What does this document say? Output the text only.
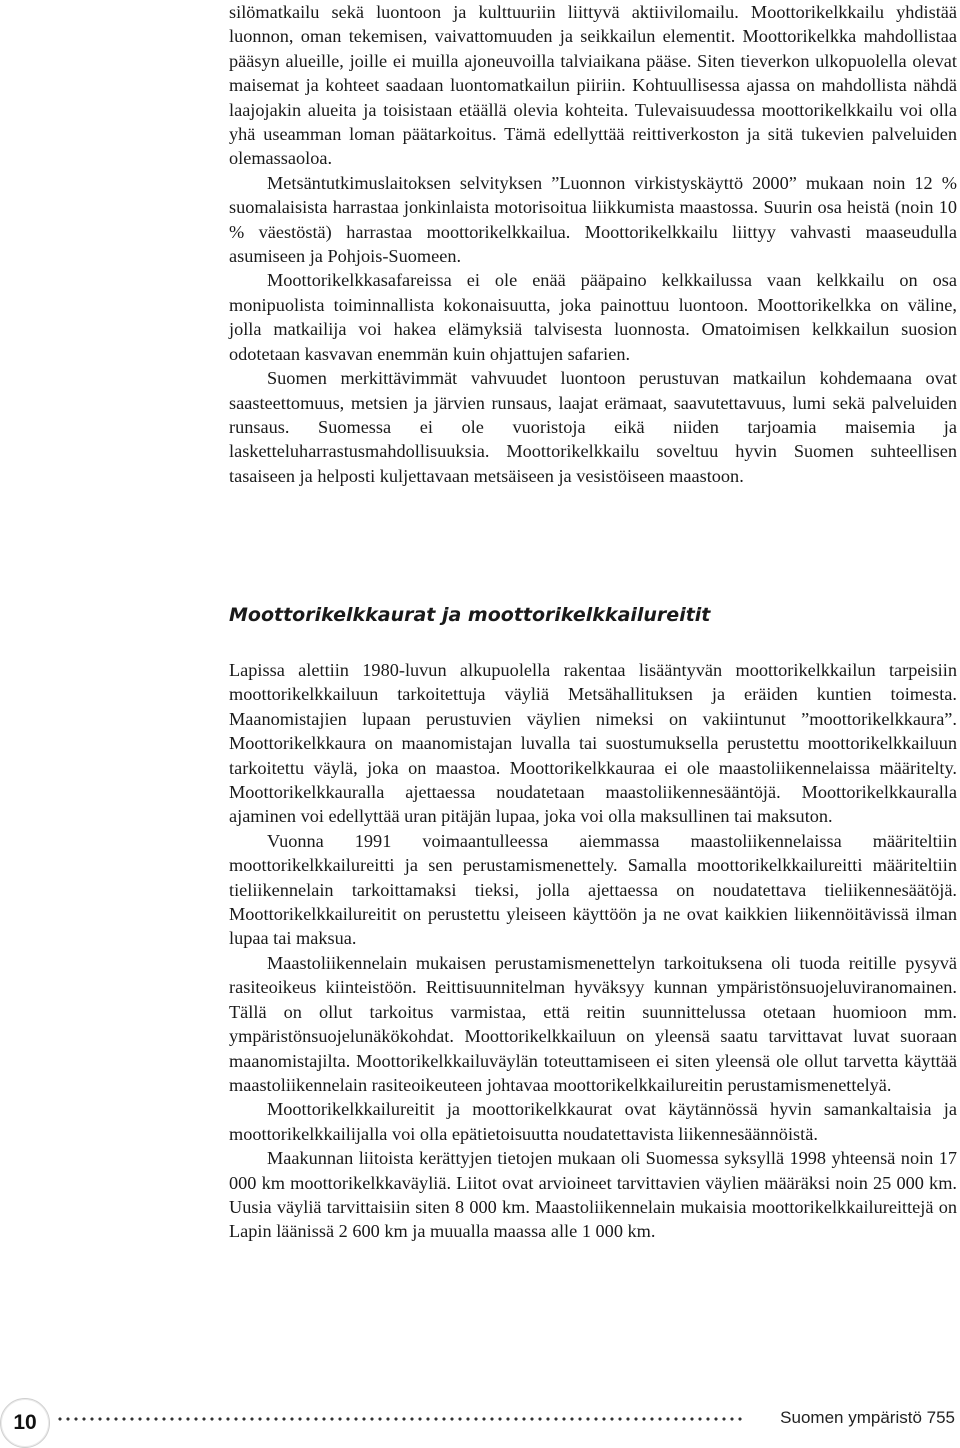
silömatkailu sekä luontoon ja kulttuuriin liittyvä aktiivilomailu. Moottorikelkkailu yhdistää luonnon, oman tekemisen, vaivattomuuden ja seikkailun elementit. Moottorikelkka mahdollistaa pääsyn alueille, joille ei muilla ajoneuvoilla talviaikana pääse. Siten tieverkon ulkopuolella olevat maisemat ja kohteet saadaan luontomatkailun piiriin. Kohtuullisessa ajassa on mahdollista nähdä laajojakin alueita ja toisistaan etäällä olevia kohteita. Tulevaisuudessa moottorikelkkailu voi olla yhä useamman loman päätarkoitus. Tämä edellyttää reittiverkoston ja sitä tukevien palveluiden olemassaoloa.

Metsäntutkimuslaitoksen selvityksen ”Luonnon virkistyskäyttö 2000” mukaan noin 12 % suomalaisista harrastaa jonkinlaista motorisoitua liikkumista maastossa. Suurin osa heistä (noin 10 % väestöstä) harrastaa moottorikelkkailua. Moottorikelkkailu liittyy vahvasti maaseudulla asumiseen ja Pohjois-Suomeen.

Moottorikelkkasafareissa ei ole enää pääpaino kelkkailussa vaan kelkkailu on osa monipuolista toiminnallista kokonaisuutta, joka painottuu luontoon. Moottorikelkka on väline, jolla matkailija voi hakea elämyksiä talvisesta luonnosta. Omatoimisen kelkkailun suosion odotetaan kasvavan enemmän kuin ohjattujen safarien.

Suomen merkittävimmät vahvuudet luontoon perustuvan matkailun kohdemaana ovat saasteettomuus, metsien ja järvien runsaus, laajat erämaat, saavutettavuus, lumi sekä palveluiden runsaus. Suomessa ei ole vuoristoja eikä niiden tarjoamia maisemia ja lasketteluharrastusmahdollisuuksia. Moottorikelkkailu soveltuu hyvin Suomen suhteellisen tasaiseen ja helposti kuljettavaan metsäiseen ja vesistöiseen maastoon.

Moottorikelkkaurat ja moottorikelkkailureitit

Lapissa alettiin 1980-luvun alkupuolella rakentaa lisääntyvän moottorikelkkailun tarpeisiin moottorikelkkailuun tarkoitettuja väyliä Metsähallituksen ja eräiden kuntien toimesta. Maanomistajien lupaan perustuvien väylien nimeksi on vakiintunut ”moottorikelkkaura”. Moottorikelkkaura on maanomistajan luvalla tai suostumuksella perustettu moottorikelkkailuun tarkoitettu väylä, joka on maastoa. Moottorikelkkauraa ei ole maastoliikennelaissa määritelty. Moottorikelkkauralla ajettaessa noudatetaan maastoliikennesääntöjä. Moottorikelkkauralla ajaminen voi edellyttää uran pitäjän lupaa, joka voi olla maksullinen tai maksuton.

Vuonna 1991 voimaantulleessa aiemmassa maastoliikennelaissa määriteltiin moottorikelkkailureitti ja sen perustamismenettely. Samalla moottorikelkkailureitti määriteltiin tieliikennelain tarkoittamaksi tieksi, jolla ajettaessa on noudatettava tieliikennesäätöjä. Moottorikelkkailureitit on perustettu yleiseen käyttöön ja ne ovat kaikkien liikennöitävissä ilman lupaa tai maksua.

Maastoliikennelain mukaisen perustamismenettelyn tarkoituksena oli tuoda reitille pysyvä rasiteoikeus kiinteistöön. Reittisuunnitelman hyväksyy kunnan ympäristönsuojeluviranomainen. Tällä on ollut tarkoitus varmistaa, että reitin suunnittelussa otetaan huomioon mm. ympäristönsuojelunäkökohdat. Moottorikelkkailuun on yleensä saatu tarvittavat luvat suoraan maanomistajilta. Moottorikelkkailuväylän toteuttamiseen ei siten yleensä ole ollut tarvetta käyttää maastoliikennelain rasiteoikeuteen johtavaa moottorikelkkailureitin perustamismenettelyä.

Moottorikelkkailureitit ja moottorikelkkaurat ovat käytännössä hyvin samankaltaisia ja moottorikelkkailijalla voi olla epätietoisuutta noudatettavista liikennesäännöistä.

Maakunnan liitoista kerättyjen tietojen mukaan oli Suomessa syksyllä 1998 yhteensä noin 17 000 km moottorikelkkaväyliä. Liitot ovat arvioineet tarvittavien väylien määräksi noin 25 000 km. Uusia väyliä tarvittaisiin siten 8 000 km. Maastoliikennelain mukaisia moottorikelkkailureittejä on Lapin läänissä 2 600 km ja muualla maassa alle 1 000 km.

10	Suomen ympäristö 755
